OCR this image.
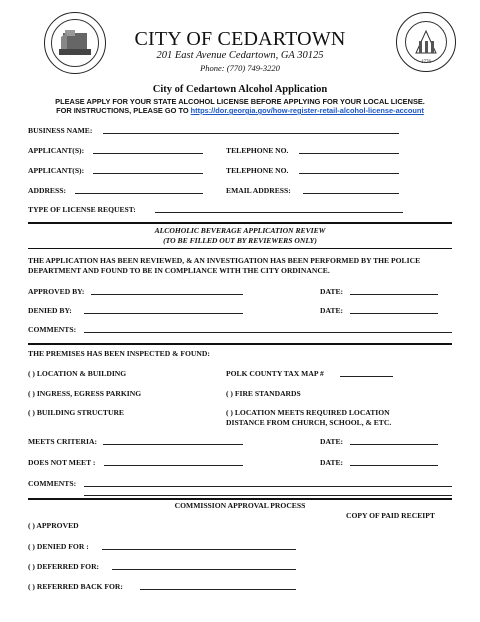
1776
CITY OF CEDARTOWN
201 East Avenue Cedartown, GA 30125
Phone: (770) 749-3220
City of Cedartown Alcohol Application
PLEASE APPLY FOR YOUR STATE ALCOHOL LICENSE BEFORE APPLYING FOR YOUR LOCAL LICENSE.
FOR INSTRUCTIONS, PLEASE GO TO https://dor.georgia.gov/how-register-retail-alcohol-license-account
BUSINESS NAME:
APPLICANT(S):	TELEPHONE NO.
APPLICANT(S):	TELEPHONE NO.
ADDRESS:	EMAIL ADDRESS:
TYPE OF LICENSE REQUEST:
ALCOHOLIC BEVERAGE APPLICATION REVIEW
(TO BE FILLED OUT BY REVIEWERS ONLY)
THE APPLICATION HAS BEEN REVIEWED, & AN INVESTIGATION HAS BEEN PERFORMED BY THE POLICE DEPARTMENT AND FOUND TO BE IN COMPLIANCE WITH THE CITY ORDINANCE.
APPROVED BY:	DATE:
DENIED BY:	DATE:
COMMENTS:
THE PREMISES HAS BEEN INSPECTED & FOUND:
( ) LOCATION & BUILDING	POLK COUNTY TAX MAP #
( ) INGRESS, EGRESS PARKING	( ) FIRE STANDARDS
( ) BUILDING STRUCTURE	( ) LOCATION MEETS REQUIRED LOCATION
DISTANCE FROM CHURCH, SCHOOL, & ETC.
MEETS CRITERIA:	DATE:
DOES NOT MEET :	DATE:
COMMENTS:
COMMISSION APPROVAL PROCESS
COPY OF PAID RECEIPT
( ) APPROVED
( ) DENIED FOR :
( ) DEFERRED FOR:
( ) REFERRED BACK FOR:
